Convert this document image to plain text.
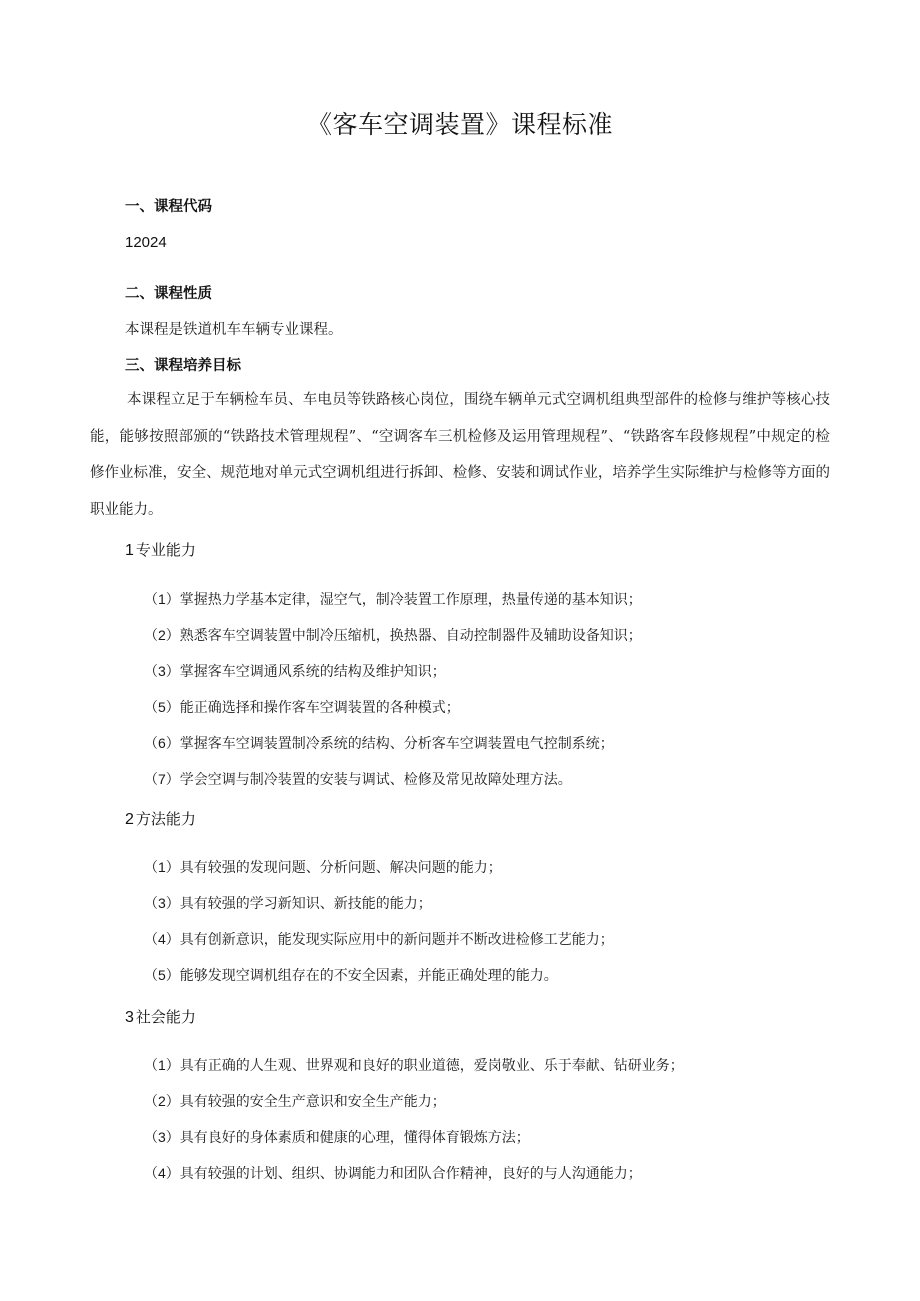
《客车空调装置》课程标准
一、课程代码
12024
二、课程性质
本课程是铁道机车车辆专业课程。
三、课程培养目标
本课程立足于车辆检车员、车电员等铁路核心岗位，围绕车辆单元式空调机组典型部件的检修与维护等核心技能，能够按照部颁的“铁路技术管理规程”、“空调客车三机检修及运用管理规程”、“铁路客车段修规程”中规定的检修作业标准，安全、规范地对单元式空调机组进行拆卸、检修、安装和调试作业，培养学生实际维护与检修等方面的职业能力。
1 专业能力
（1）掌握热力学基本定律，湿空气，制冷装置工作原理，热量传递的基本知识；
（2）熟悉客车空调装置中制冷压缩机，换热器、自动控制器件及辅助设备知识；
（3）掌握客车空调通风系统的结构及维护知识；
（5）能正确选择和操作客车空调装置的各种模式；
（6）掌握客车空调装置制冷系统的结构、分析客车空调装置电气控制系统；
（7）学会空调与制冷装置的安装与调试、检修及常见故障处理方法。
2 方法能力
（1）具有较强的发现问题、分析问题、解决问题的能力；
（3）具有较强的学习新知识、新技能的能力；
（4）具有创新意识，能发现实际应用中的新问题并不断改进检修工艺能力；
（5）能够发现空调机组存在的不安全因素，并能正确处理的能力。
3 社会能力
（1）具有正确的人生观、世界观和良好的职业道德，爱岗敬业、乐于奉献、钻研业务；
（2）具有较强的安全生产意识和安全生产能力；
（3）具有良好的身体素质和健康的心理，懂得体育锻炼方法；
（4）具有较强的计划、组织、协调能力和团队合作精神，良好的与人沟通能力；
